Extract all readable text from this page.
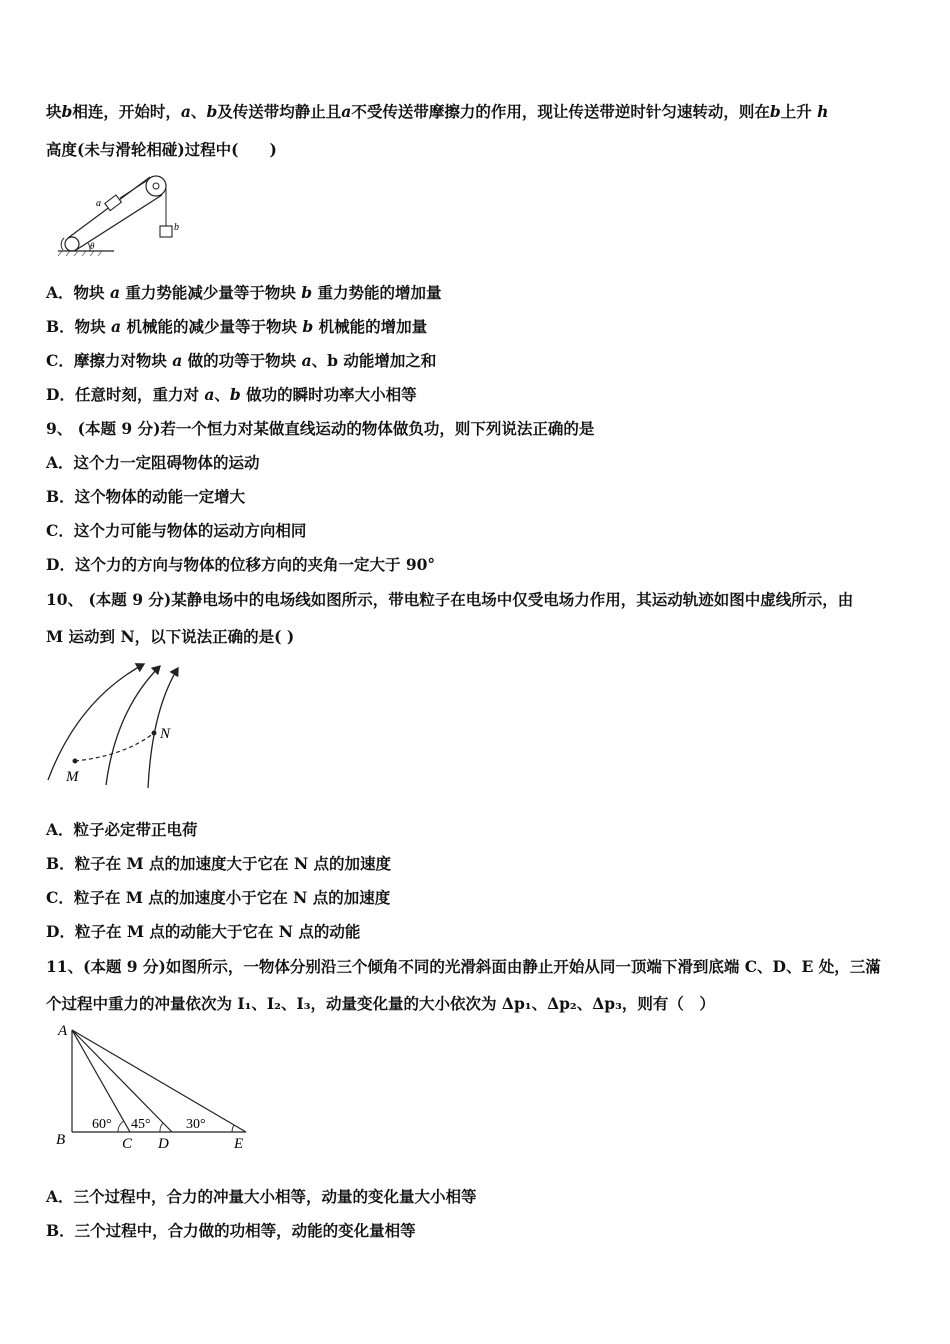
块b相连，开始时，a、b及传送带均静止且a不受传送带摩擦力的作用，现让传送带逆时针匀速转动，则在b上升 h
高度(未与滑轮相碰)过程中(　　)
a
b
θ
A．物块 a 重力势能减少量等于物块 b 重力势能的增加量
B．物块 a 机械能的减少量等于物块 b 机械能的增加量
C．摩擦力对物块 a 做的功等于物块 a、b 动能增加之和
D．任意时刻，重力对 a、b 做功的瞬时功率大小相等
9、 (本题 9 分)若一个恒力对某做直线运动的物体做负功，则下列说法正确的是
A．这个力一定阻碍物体的运动
B．这个物体的动能一定增大
C．这个力可能与物体的运动方向相同
D．这个力的方向与物体的位移方向的夹角一定大于 90°
10、 (本题 9 分)某静电场中的电场线如图所示，带电粒子在电场中仅受电场力作用，其运动轨迹如图中虚线所示，由
M 运动到 N，以下说法正确的是( )
M
N
A．粒子必定带正电荷
B．粒子在 M 点的加速度大于它在 N 点的加速度
C．粒子在 M 点的加速度小于它在 N 点的加速度
D．粒子在 M 点的动能大于它在 N 点的动能
11、(本题 9 分)如图所示，一物体分别沿三个倾角不同的光滑斜面由静止开始从同一顶端下滑到底端 C、D、E 处，三滿
个过程中重力的冲量依次为 I₁、I₂、I₃，动量变化量的大小依次为 Δp₁、Δp₂、Δp₃，则有（　）
A
60° 45°	30°
B	C D	E
A．三个过程中，合力的冲量大小相等，动量的变化量大小相等
B．三个过程中，合力做的功相等，动能的变化量相等
